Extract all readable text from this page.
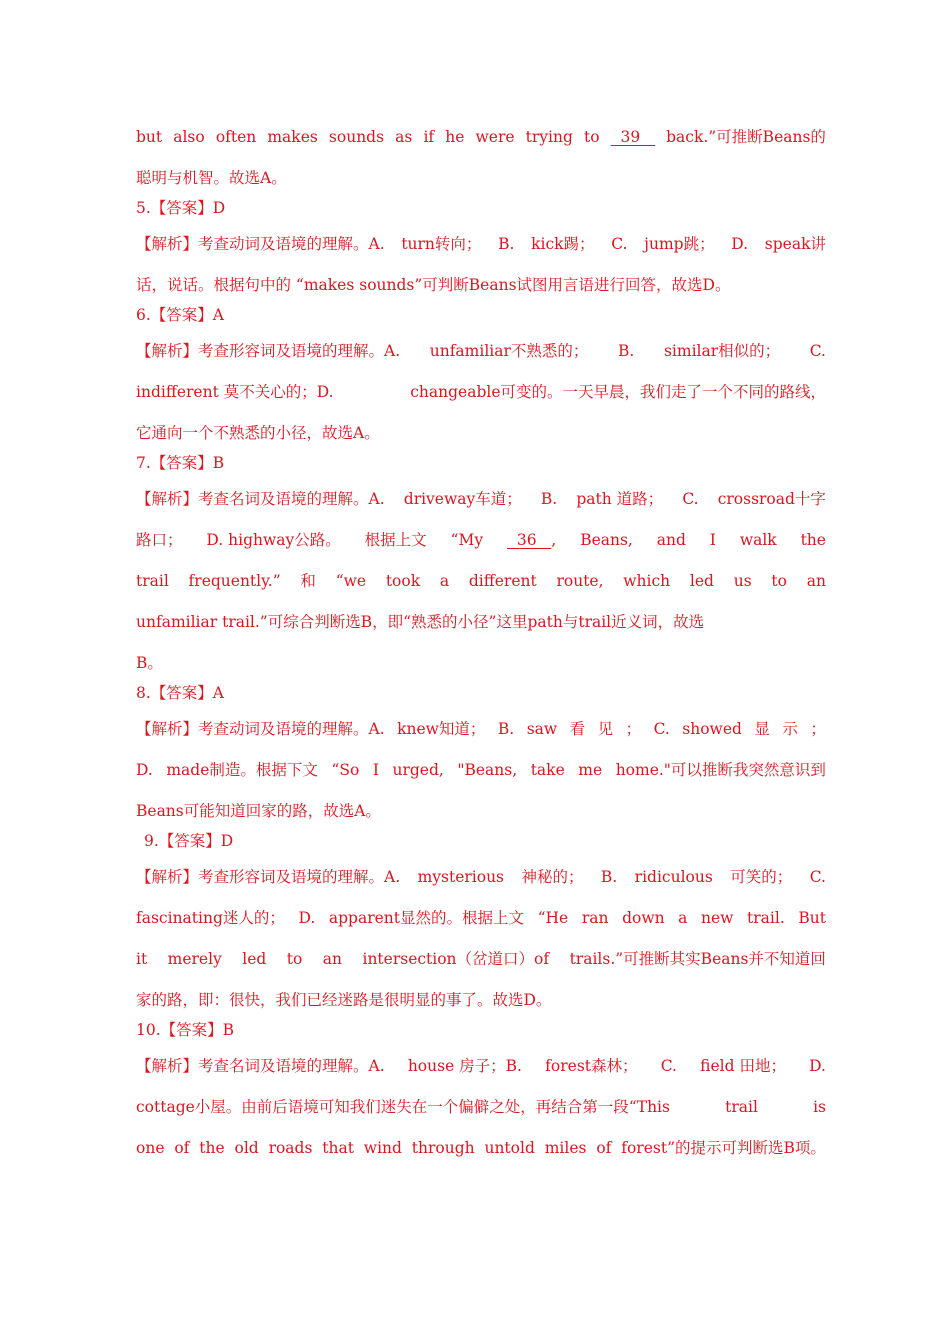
but also often makes sounds as if he were trying to 39 back.”可推断Beans的
聪明与机智。故选A。
5.【答案】D
【解析】考查动词及语境的理解。A. turn转向； B. kick踢； C. jump跳； D. speak讲
话，说话。根据句中的 “makes sounds”可判断Beans试图用言语进行回答，故选D。
6.【答案】A
【解析】考查形容词及语境的理解。A. unfamiliar不熟悉的； B. similar相似的； C.
indifferent 莫不关心的；D.	changeable可变的。一天早晨，我们走了一个不同的路线，
它通向一个不熟悉的小径，故选A。
7.【答案】B
【解析】考查名词及语境的理解。A. driveway车道； B. path 道路； C. crossroad十字
路口； D. highway公路。 根据上文 “My 36   , Beans, and I walk the
trail frequently.” 和 “we took a different route, which led us to an
unfamiliar trail.”可综合判断选B，即“熟悉的小径”这里path与trail近义词，故选
B。
8.【答案】A
【解析】考查动词及语境的理解。A. knew知道； B. saw 看 见 ； C. showed 显 示 ；
D. made制造。根据下文 “So I urged, "Beans, take me home."可以推断我突然意识到
Beans可能知道回家的路，故选A。
9.【答案】D
【解析】考查形容词及语境的理解。A. mysterious 神秘的； B. ridiculous 可笑的； C.
fascinating迷人的； D. apparent显然的。根据上文 “He ran down a new trail. But
it merely led to an intersection（岔道口）of trails.”可推断其实Beans并不知道回
家的路，即：很快，我们已经迷路是很明显的事了。故选D。
10.【答案】B
【解析】考查名词及语境的理解。A. house 房子；B. forest森林； C. field 田地； D.
cottage小屋。由前后语境可知我们迷失在一个偏僻之处，再结合第一段“This	trail	is
one of the old roads that wind through untold miles of forest”的提示可判断选B项。
